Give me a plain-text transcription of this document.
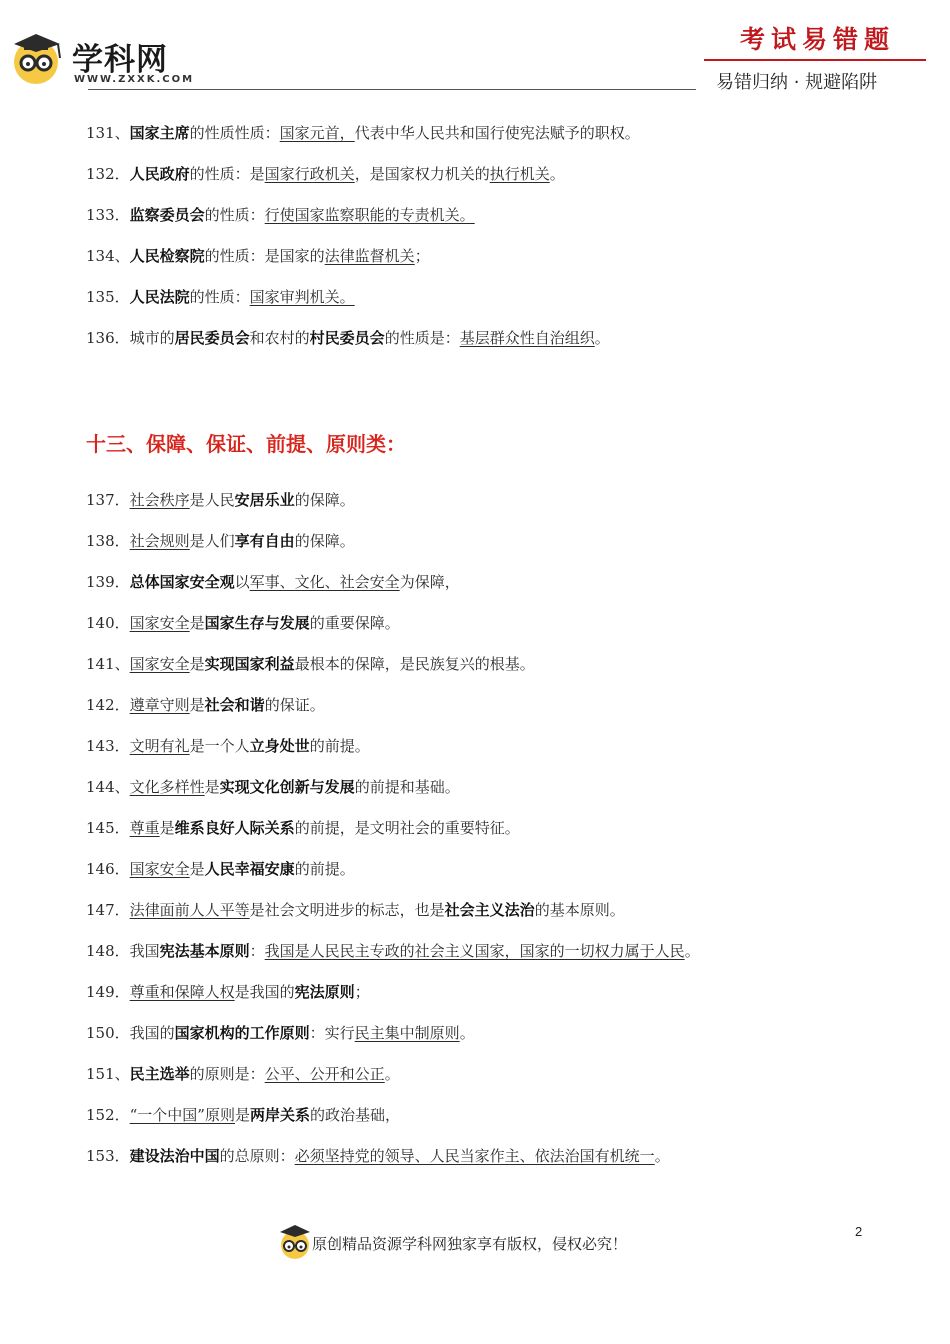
学科网
WWW.ZXXK.COM
考试易错题
易错归纳 · 规避陷阱
131、国家主席的性质性质：国家元首，代表中华人民共和国行使宪法赋予的职权。
132．人民政府的性质：是国家行政机关，是国家权力机关的执行机关。
133．监察委员会的性质：行使国家监察职能的专责机关。
134、人民检察院的性质：是国家的法律监督机关；
135．人民法院的性质：国家审判机关。
136．城市的居民委员会和农村的村民委员会的性质是：基层群众性自治组织。
十三、保障、保证、前提、原则类：
137．社会秩序是人民安居乐业的保障。
138．社会规则是人们享有自由的保障。
139．总体国家安全观以军事、文化、社会安全为保障，
140．国家安全是国家生存与发展的重要保障。
141、国家安全是实现国家利益最根本的保障，是民族复兴的根基。
142．遵章守则是社会和谐的保证。
143．文明有礼是一个人立身处世的前提。
144、文化多样性是实现文化创新与发展的前提和基础。
145．尊重是维系良好人际关系的前提，是文明社会的重要特征。
146．国家安全是人民幸福安康的前提。
147．法律面前人人平等是社会文明进步的标志，也是社会主义法治的基本原则。
148．我国宪法基本原则：我国是人民民主专政的社会主义国家，国家的一切权力属于人民。
149．尊重和保障人权是我国的宪法原则；
150．我国的国家机构的工作原则：实行民主集中制原则。
151、民主选举的原则是：公平、公开和公正。
152．“一个中国”原则是两岸关系的政治基础，
153．建设法治中国的总原则：必须坚持党的领导、人民当家作主、依法治国有机统一。
原创精品资源学科网独家享有版权，侵权必究！
2
